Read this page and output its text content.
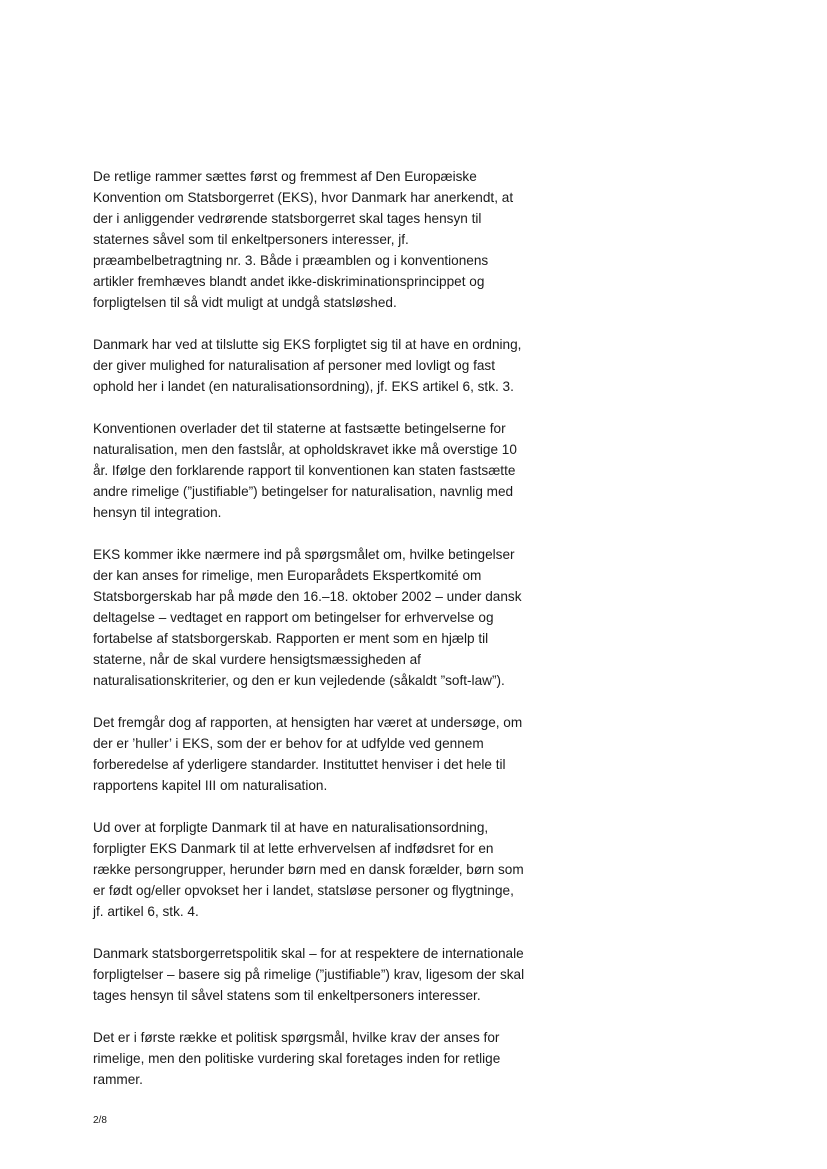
De retlige rammer sættes først og fremmest af Den Europæiske
Konvention om Statsborgerret (EKS), hvor Danmark har anerkendt, at
der i anliggender vedrørende statsborgerret skal tages hensyn til
staternes såvel som til enkeltpersoners interesser, jf.
præambelbetragtning nr. 3. Både i præamblen og i konventionens
artikler fremhæves blandt andet ikke-diskriminationsprincippet og
forpligtelsen til så vidt muligt at undgå statsløshed.

Danmark har ved at tilslutte sig EKS forpligtet sig til at have en ordning,
der giver mulighed for naturalisation af personer med lovligt og fast
ophold her i landet (en naturalisationsordning), jf. EKS artikel 6, stk. 3.

Konventionen overlader det til staterne at fastsætte betingelserne for
naturalisation, men den fastslår, at opholdskravet ikke må overstige 10
år. Ifølge den forklarende rapport til konventionen kan staten fastsætte
andre rimelige (”justifiable”) betingelser for naturalisation, navnlig med
hensyn til integration.

EKS kommer ikke nærmere ind på spørgsmålet om, hvilke betingelser
der kan anses for rimelige, men Europarådets Ekspertkomité om
Statsborgerskab har på møde den 16.–18. oktober 2002 – under dansk
deltagelse – vedtaget en rapport om betingelser for erhvervelse og
fortabelse af statsborgerskab. Rapporten er ment som en hjælp til
staterne, når de skal vurdere hensigtsmæssigheden af
naturalisationskriterier, og den er kun vejledende (såkaldt ”soft-law”).

Det fremgår dog af rapporten, at hensigten har været at undersøge, om
der er ’huller’ i EKS, som der er behov for at udfylde ved gennem
forberedelse af yderligere standarder. Instituttet henviser i det hele til
rapportens kapitel III om naturalisation.

Ud over at forpligte Danmark til at have en naturalisationsordning,
forpligter EKS Danmark til at lette erhvervelsen af indfødsret for en
række persongrupper, herunder børn med en dansk forælder, børn som
er født og/eller opvokset her i landet, statsløse personer og flygtninge,
jf. artikel 6, stk. 4.

Danmark statsborgerretspolitik skal – for at respektere de internationale
forpligtelser – basere sig på rimelige (”justifiable”) krav, ligesom der skal
tages hensyn til såvel statens som til enkeltpersoners interesser.

Det er i første række et politisk spørgsmål, hvilke krav der anses for
rimelige, men den politiske vurdering skal foretages inden for retlige
rammer.

2/8
